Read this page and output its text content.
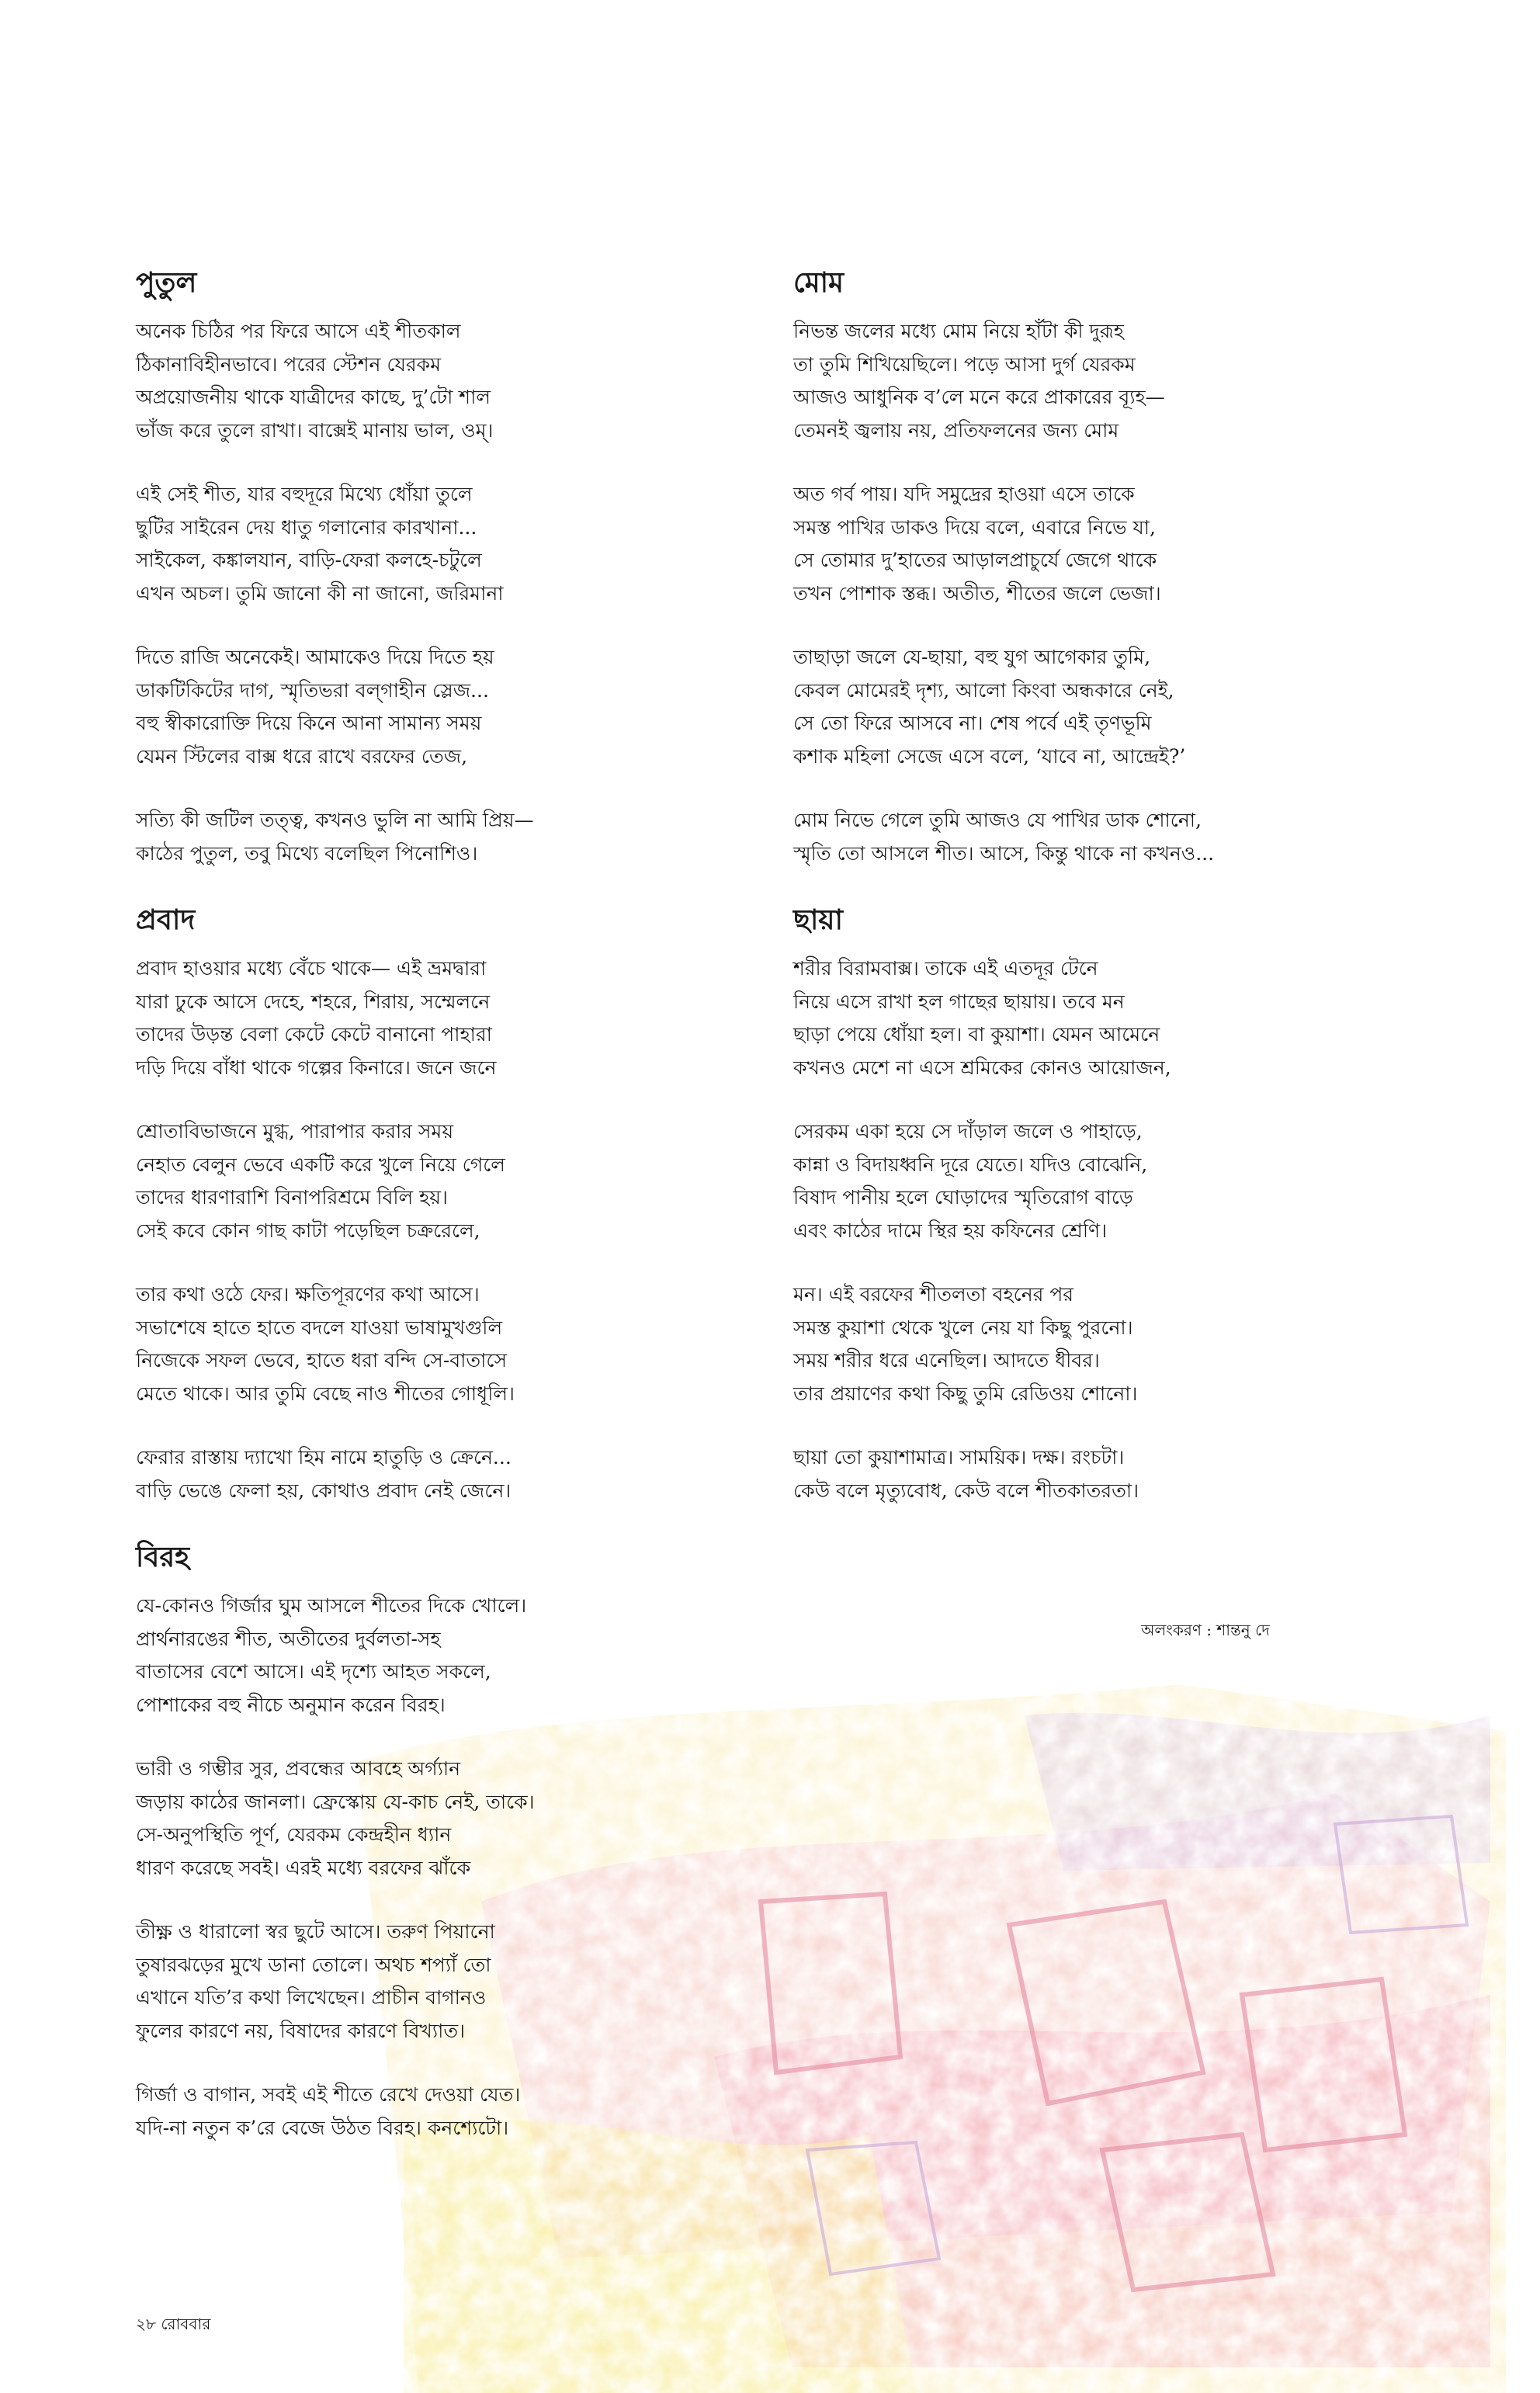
পুতুল
অনেক চিঠির পর ফিরে আসে এই শীতকাল
ঠিকানাবিহীনভাবে। পরের স্টেশন যেরকম
অপ্রয়োজনীয় থাকে যাত্রীদের কাছে, দু’টো শাল
ভাঁজ করে তুলে রাখা। বাক্সেই মানায় ভাল, ওম্‌।
এই সেই শীত, যার বহুদূরে মিথ্যে ধোঁয়া তুলে
ছুটির সাইরেন দেয় ধাতু গলানোর কারখানা...
সাইকেল, কঙ্কালযান, বাড়ি-ফেরা কলহে-চটুলে
এখন অচল। তুমি জানো কী না জানো, জরিমানা
দিতে রাজি অনেকেই। আমাকেও দিয়ে দিতে হয়
ডাকটিকিটের দাগ, স্মৃতিভরা বল্‌গাহীন স্লেজ...
বহু স্বীকারোক্তি দিয়ে কিনে আনা সামান্য সময়
যেমন স্টিলের বাক্স ধরে রাখে বরফের তেজ,
সত্যি কী জটিল তত্ত্ব, কখনও ভুলি না আমি প্রিয়—
কাঠের পুতুল, তবু মিথ্যে বলেছিল পিনোশিও।
প্রবাদ
প্রবাদ হাওয়ার মধ্যে বেঁচে থাকে— এই ভ্রমদ্বারা
যারা ঢুকে আসে দেহে, শহরে, শিরায়, সম্মেলনে
তাদের উড়ন্ত বেলা কেটে কেটে বানানো পাহারা
দড়ি দিয়ে বাঁধা থাকে গল্পের কিনারে। জনে জনে
শ্রোতাবিভাজনে মুগ্ধ, পারাপার করার সময়
নেহাত বেলুন ভেবে একটি করে খুলে নিয়ে গেলে
তাদের ধারণারাশি বিনাপরিশ্রমে বিলি হয়।
সেই কবে কোন গাছ কাটা পড়েছিল চক্ররেলে,
তার কথা ওঠে ফের। ক্ষতিপূরণের কথা আসে।
সভাশেষে হাতে হাতে বদলে যাওয়া ভাষামুখগুলি
নিজেকে সফল ভেবে, হাতে ধরা বন্দি সে-বাতাসে
মেতে থাকে। আর তুমি বেছে নাও শীতের গোধূলি।
ফেরার রাস্তায় দ্যাখো হিম নামে হাতুড়ি ও ক্রেনে...
বাড়ি ভেঙে ফেলা হয়, কোথাও প্রবাদ নেই জেনে।
বিরহ
যে-কোনও গির্জার ঘুম আসলে শীতের দিকে খোলে।
প্রার্থনারঙের শীত, অতীতের দুর্বলতা-সহ
বাতাসের বেশে আসে। এই দৃশ্যে আহত সকলে,
পোশাকের বহু নীচে অনুমান করেন বিরহ।
ভারী ও গম্ভীর সুর, প্রবন্ধের আবহে অর্গ্যান
জড়ায় কাঠের জানলা। ফ্রেস্কোয় যে-কাচ নেই, তাকে।
সে-অনুপস্থিতি পূর্ণ, যেরকম কেন্দ্রহীন ধ্যান
ধারণ করেছে সবই। এরই মধ্যে বরফের ঝাঁকে
তীক্ষ্ণ ও ধারালো স্বর ছুটে আসে। তরুণ পিয়ানো
তুষারঝড়ের মুখে ডানা তোলে। অথচ শপ্যাঁ তো
এখানে যতি’র কথা লিখেছেন। প্রাচীন বাগানও
ফুলের কারণে নয়, বিষাদের কারণে বিখ্যাত।
গির্জা ও বাগান, সবই এই শীতে রেখে দেওয়া যেত।
যদি-না নতুন ক’রে বেজে উঠত বিরহ। কনশ্যেটো।
মোম
নিভন্ত জলের মধ্যে মোম নিয়ে হাঁটা কী দুরূহ
তা তুমি শিখিয়েছিলে। পড়ে আসা দুর্গ যেরকম
আজও আধুনিক ব’লে মনে করে প্রাকারের ব্যূহ—
তেমনই জ্বলায় নয়, প্রতিফলনের জন্য মোম
অত গর্ব পায়। যদি সমুদ্রের হাওয়া এসে তাকে
সমস্ত পাখির ডাকও দিয়ে বলে, এবারে নিভে যা,
সে তোমার দু’হাতের আড়ালপ্রাচুর্যে জেগে থাকে
তখন পোশাক স্তব্ধ। অতীত, শীতের জলে ভেজা।
তাছাড়া জলে যে-ছায়া, বহু যুগ আগেকার তুমি,
কেবল মোমেরই দৃশ্য, আলো কিংবা অন্ধকারে নেই,
সে তো ফিরে আসবে না। শেষ পর্বে এই তৃণভূমি
কশাক মহিলা সেজে এসে বলে, ‘যাবে না, আন্দ্রেই?’
মোম নিভে গেলে তুমি আজও যে পাখির ডাক শোনো,
স্মৃতি তো আসলে শীত। আসে, কিন্তু থাকে না কখনও...
ছায়া
শরীর বিরামবাক্স। তাকে এই এতদূর টেনে
নিয়ে এসে রাখা হল গাছের ছায়ায়। তবে মন
ছাড়া পেয়ে ধোঁয়া হল। বা কুয়াশা। যেমন আমেনে
কখনও মেশে না এসে শ্রমিকের কোনও আয়োজন,
সেরকম একা হয়ে সে দাঁড়াল জলে ও পাহাড়ে,
কান্না ও বিদায়ধ্বনি দূরে যেতে। যদিও বোঝেনি,
বিষাদ পানীয় হলে ঘোড়াদের স্মৃতিরোগ বাড়ে
এবং কাঠের দামে স্থির হয় কফিনের শ্রেণি।
মন। এই বরফের শীতলতা বহনের পর
সমস্ত কুয়াশা থেকে খুলে নেয় যা কিছু পুরনো।
সময় শরীর ধরে এনেছিল। আদতে ধীবর।
তার প্রয়াণের কথা কিছু তুমি রেডিওয় শোনো।
ছায়া তো কুয়াশামাত্র। সাময়িক। দক্ষ। রংচটা।
কেউ বলে মৃত্যুবোধ, কেউ বলে শীতকাতরতা।
অলংকরণ : শান্তনু দে
২৮ রোববার
